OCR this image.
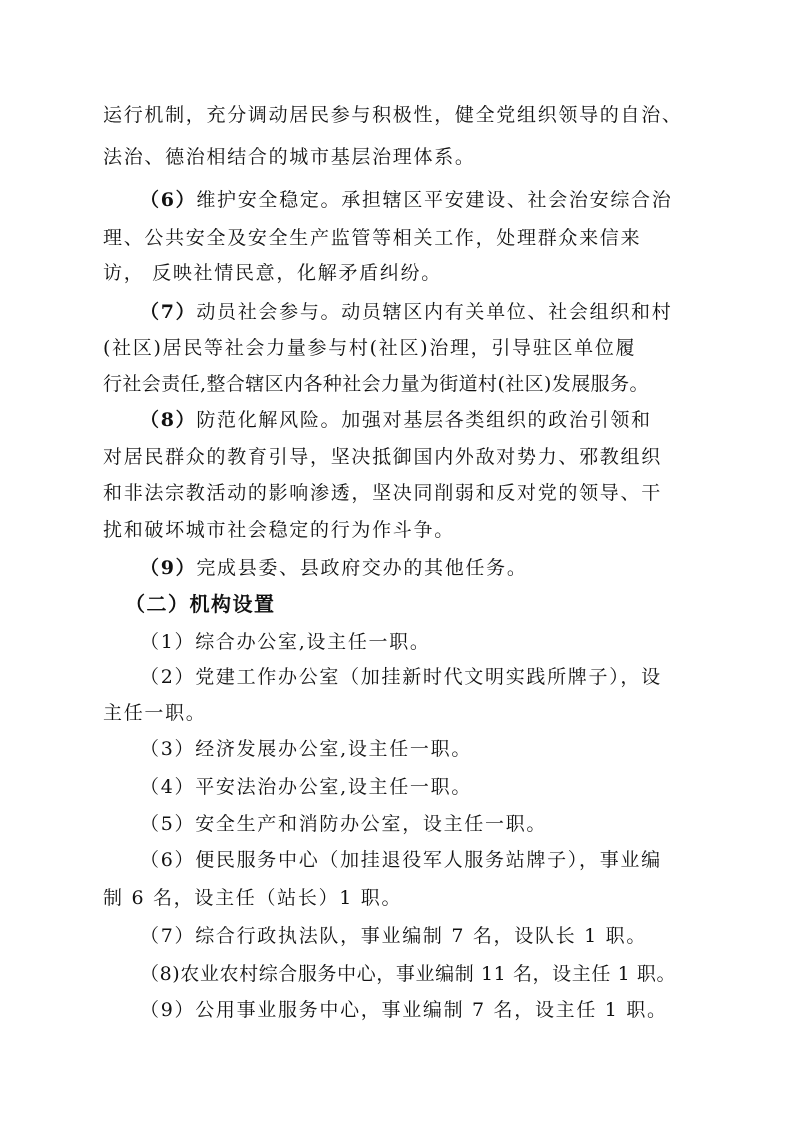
运行机制，充分调动居民参与积极性，健全党组织领导的自治、
法治、德治相结合的城市基层治理体系。
（6）维护安全稳定。承担辖区平安建设、社会治安综合治
理、公共安全及安全生产监管等相关工作，处理群众来信来
访， 反映社情民意，化解矛盾纠纷。
（7）动员社会参与。动员辖区内有关单位、社会组织和村
(社区)居民等社会力量参与村(社区)治理，引导驻区单位履
行社会责任,整合辖区内各种社会力量为街道村(社区)发展服务。
（8）防范化解风险。加强对基层各类组织的政治引领和
对居民群众的教育引导，坚决抵御国内外敌对势力、邪教组织
和非法宗教活动的影响渗透，坚决同削弱和反对党的领导、干
扰和破坏城市社会稳定的行为作斗争。
（9）完成县委、县政府交办的其他任务。
（二）机构设置
（1）综合办公室,设主任一职。
（2）党建工作办公室（加挂新时代文明实践所牌子），设
主任一职。
（3）经济发展办公室,设主任一职。
（4）平安法治办公室,设主任一职。
（5）安全生产和消防办公室，设主任一职。
（6）便民服务中心（加挂退役军人服务站牌子），事业编
制 6 名，设主任（站长）1 职。
（7）综合行政执法队，事业编制 7 名，设队长 1 职。
（8)农业农村综合服务中心，事业编制 11 名，设主任 1 职。
（9）公用事业服务中心，事业编制 7 名，设主任 1 职。
